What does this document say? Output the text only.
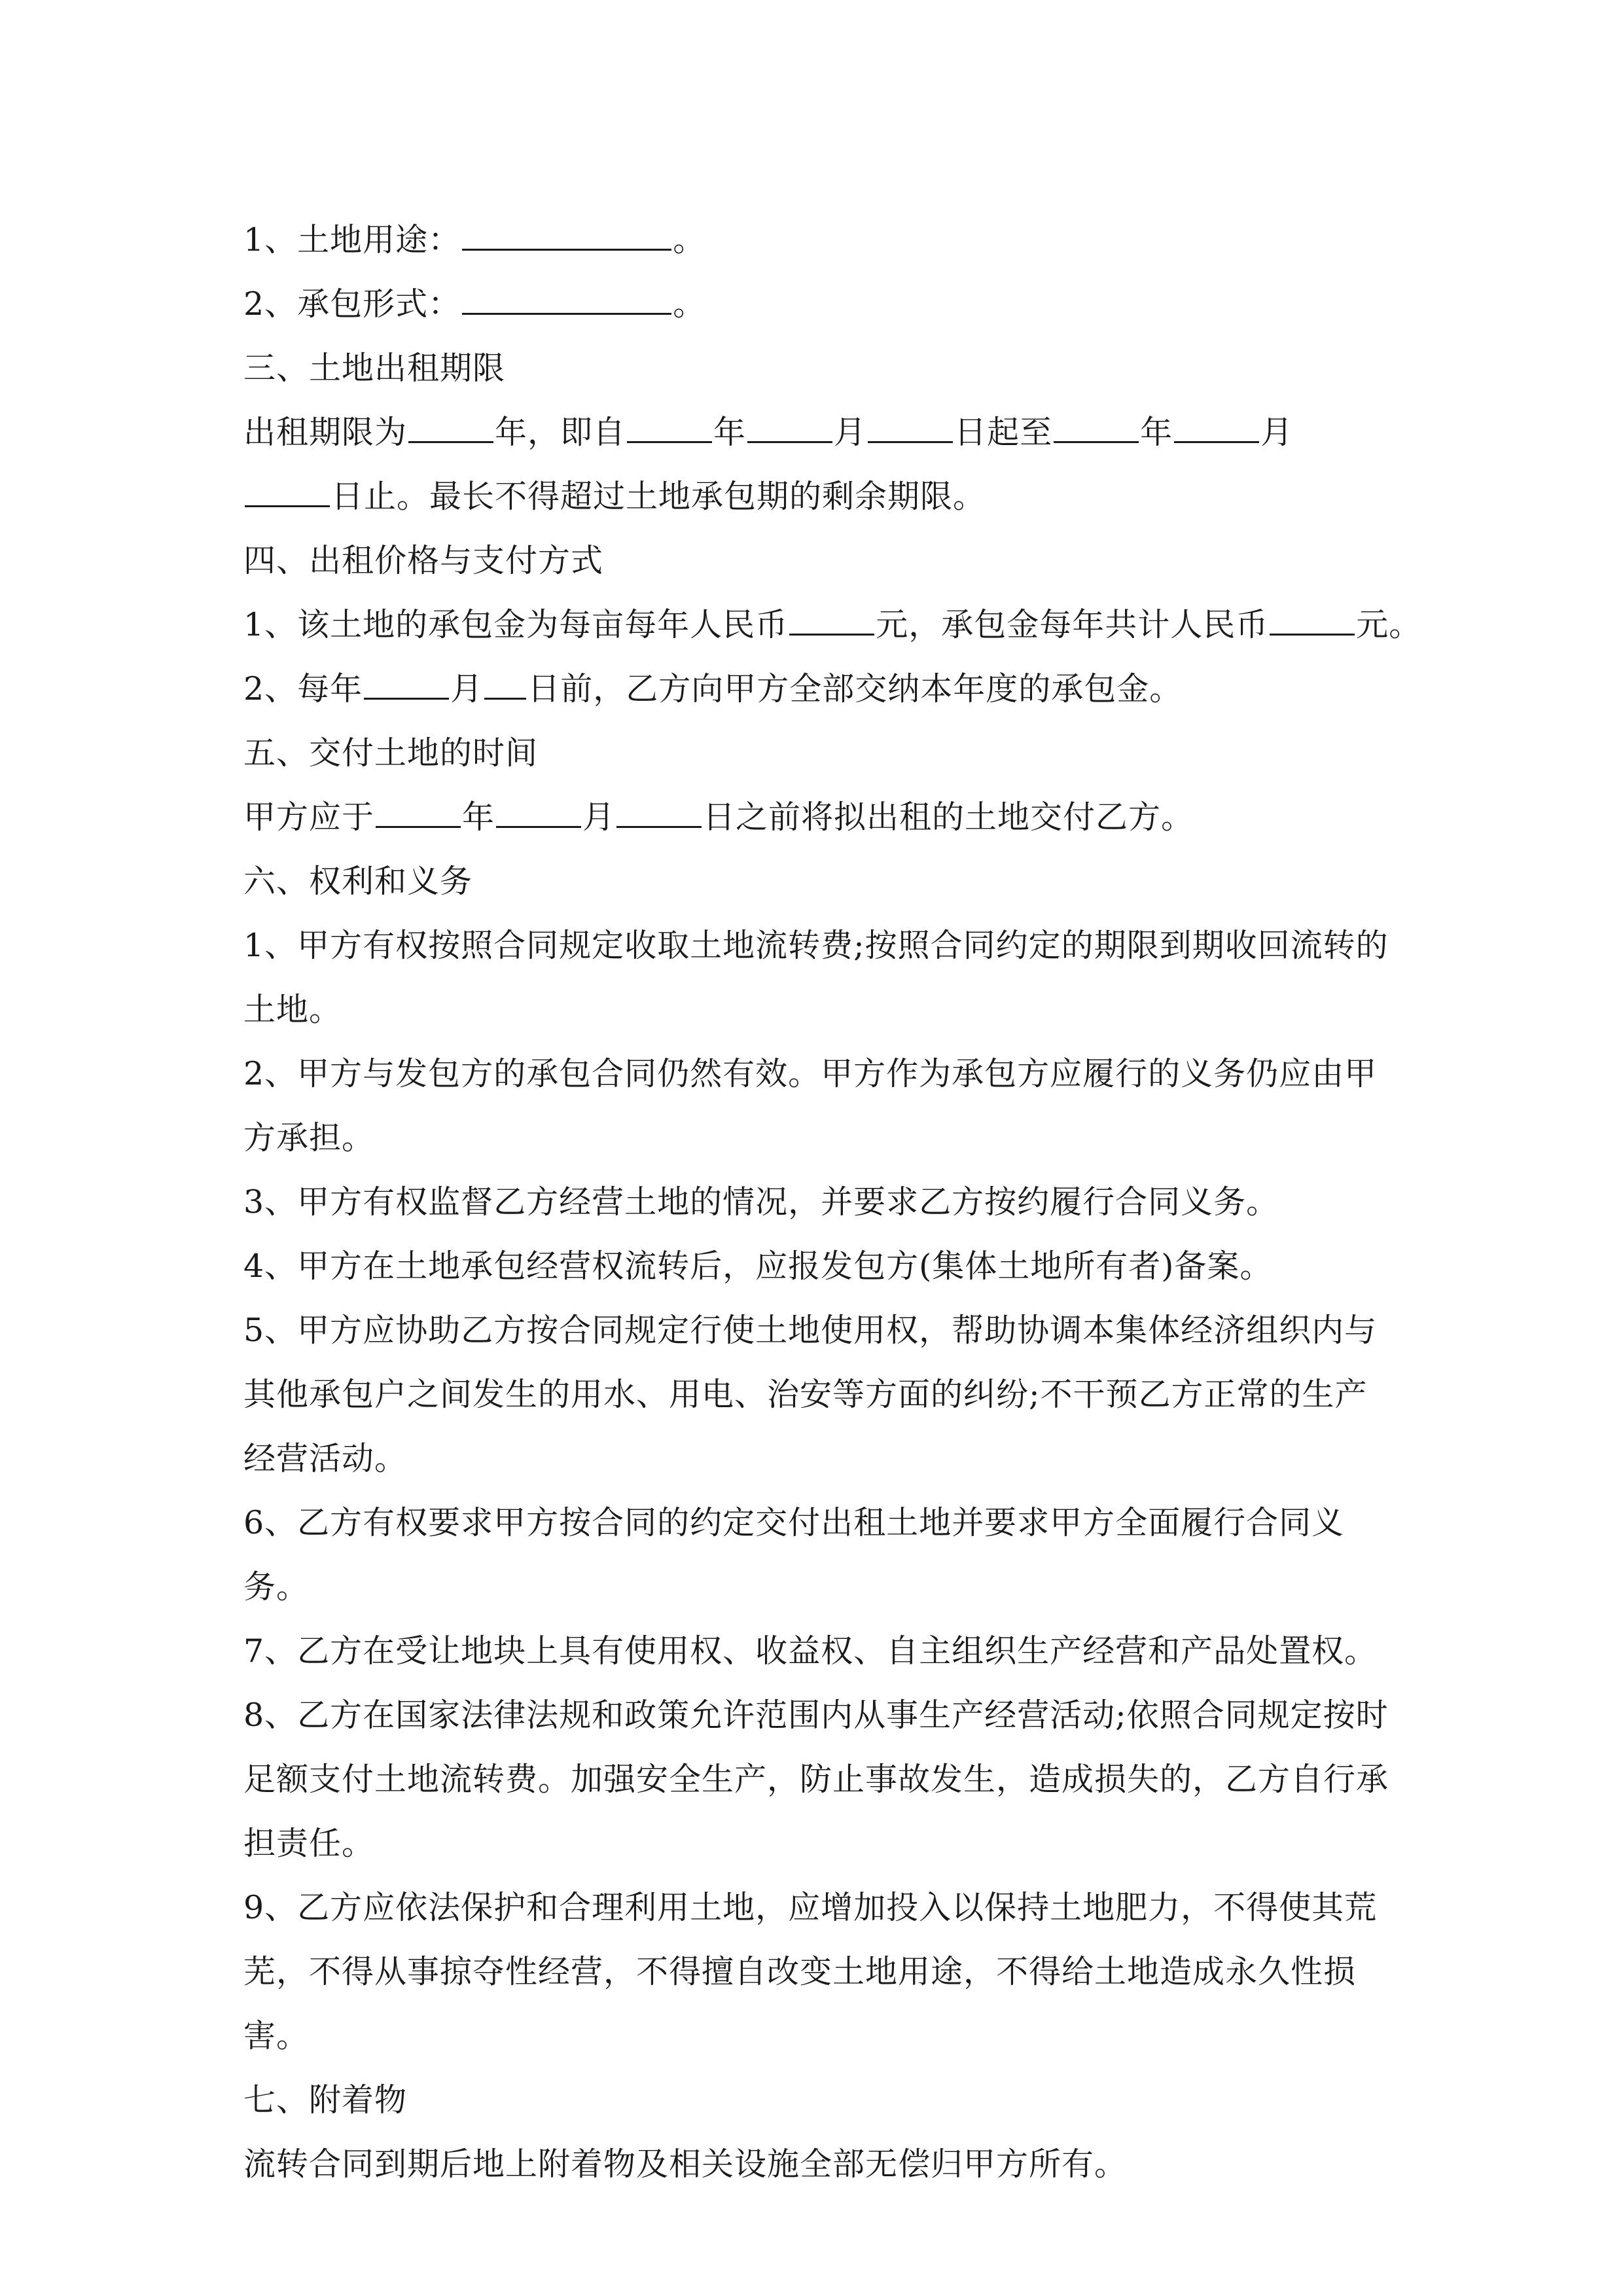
1、土地用途：	。
2、承包形式：	。
三、土地出租期限
出租期限为	年，即自	年	月	日起至	年	月
日止。最长不得超过土地承包期的剩余期限。
四、出租价格与支付方式
1、该土地的承包金为每亩每年人民币	元，承包金每年共计人民币	元。
2、每年	月 日前，乙方向甲方全部交纳本年度的承包金。
五、交付土地的时间
甲方应于	年	月	日之前将拟出租的土地交付乙方。
六、权利和义务
1、甲方有权按照合同规定收取土地流转费;按照合同约定的期限到期收回流转的土地。
2、甲方与发包方的承包合同仍然有效。甲方作为承包方应履行的义务仍应由甲方承担。
3、甲方有权监督乙方经营土地的情况，并要求乙方按约履行合同义务。
4、甲方在土地承包经营权流转后，应报发包方(集体土地所有者)备案。
5、甲方应协助乙方按合同规定行使土地使用权，帮助协调本集体经济组织内与其他承包户之间发生的用水、用电、治安等方面的纠纷;不干预乙方正常的生产经营活动。
6、乙方有权要求甲方按合同的约定交付出租土地并要求甲方全面履行合同义务。
7、乙方在受让地块上具有使用权、收益权、自主组织生产经营和产品处置权。
8、乙方在国家法律法规和政策允许范围内从事生产经营活动;依照合同规定按时足额支付土地流转费。加强安全生产，防止事故发生，造成损失的，乙方自行承担责任。
9、乙方应依法保护和合理利用土地，应增加投入以保持土地肥力，不得使其荒芜，不得从事掠夺性经营，不得擅自改变土地用途，不得给土地造成永久性损害。
七、附着物
流转合同到期后地上附着物及相关设施全部无偿归甲方所有。
